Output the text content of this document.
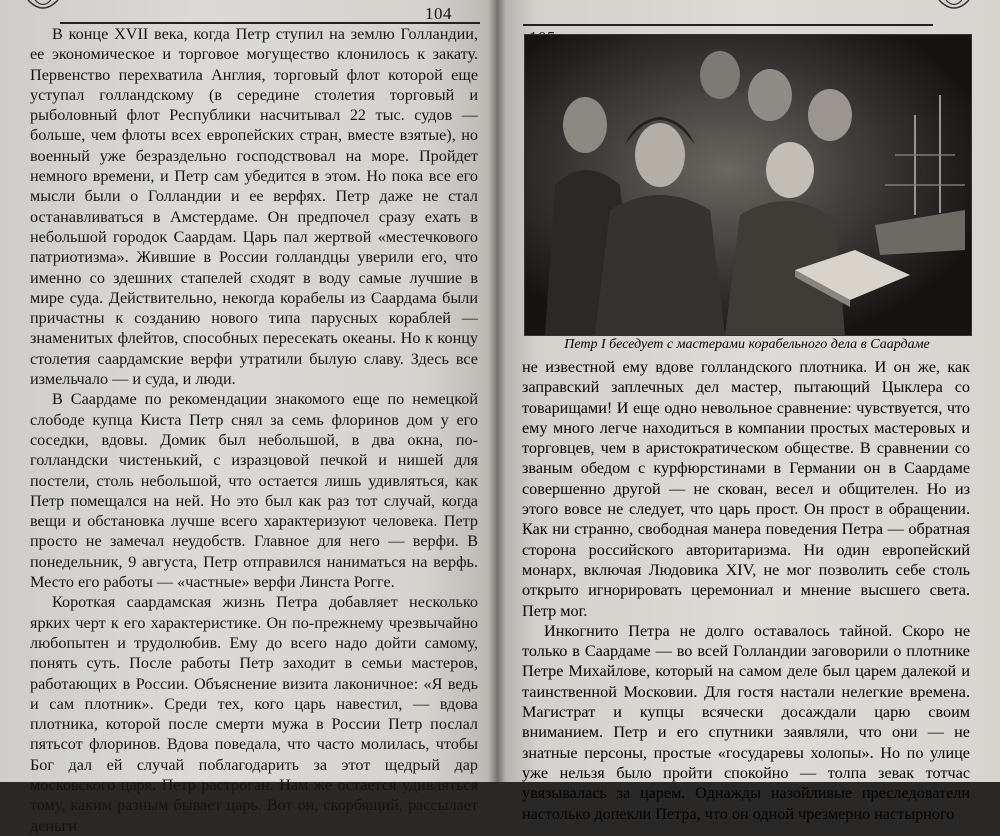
104

В конце XVII века, когда Петр ступил на землю Голландии, ее экономическое и торговое могущество клонилось к закату. Первенство перехватила Англия, торговый флот которой еще уступал голландскому (в середине столетия торговый и рыболовный флот Республики насчитывал 22 тыс. судов — больше, чем флоты всех европейских стран, вместе взятые), но военный уже безраздельно господствовал на море. Пройдет немного времени, и Петр сам убедится в этом. Но пока все его мысли были о Голландии и ее верфях. Петр даже не стал останавливаться в Амстердаме. Он предпочел сразу ехать в небольшой городок Саардам. Царь пал жертвой «местечкового патриотизма». Жившие в России голландцы уверили его, что именно со здешних стапелей сходят в воду самые лучшие в мире суда. Действительно, некогда корабелы из Саардама были причастны к созданию нового типа парусных кораблей — знаменитых флейтов, способных пересекать океаны. Но к концу столетия саардамские верфи утратили былую славу. Здесь все измельчало — и суда, и люди.

В Саардаме по рекомендации знакомого еще по немецкой слободе купца Киста Петр снял за семь флоринов дом у его соседки, вдовы. Домик был небольшой, в два окна, по-голландски чистенький, с изразцовой печкой и нишей для постели, столь небольшой, что остается лишь удивляться, как Петр помещался на ней. Но это был как раз тот случай, когда вещи и обстановка лучше всего характеризуют человека. Петр просто не замечал неудобств. Главное для него — верфи. В понедельник, 9 августа, Петр отправился наниматься на верфь. Место его работы — «частные» верфи Линста Рогге.

Короткая саардамская жизнь Петра добавляет несколько ярких черт к его характеристике. Он по-прежнему чрезвычайно любопытен и трудолюбив. Ему до всего надо дойти самому, понять суть. После работы Петр заходит в семьи мастеров, работающих в России. Объяснение визита лаконичное: «Я ведь и сам плотник». Среди тех, кого царь навестил, — вдова плотника, которой после смерти мужа в России Петр послал пятьсот флоринов. Вдова поведала, что часто молилась, чтобы Бог дал ей случай поблагодарить за этот щедрый дар московского царя. Петр растроган. Нам же остается удивляться тому, каким разным бывает царь. Вот он, скорбящий, рассылает деньги

Петр I беседует с мастерами корабельного дела в Саардаме

не известной ему вдове голландского плотника. И он же, как заправский заплечных дел мастер, пытающий Цыклера со товарищами! И еще одно невольное сравнение: чувствуется, что ему много легче находиться в компании простых мастеровых и торговцев, чем в аристократическом обществе. В сравнении со званым обедом с курфюрстинами в Германии он в Саардаме совершенно другой — не скован, весел и общителен. Но из этого вовсе не следует, что царь прост. Он прост в обращении. Как ни странно, свободная манера поведения Петра — обратная сторона российского авторитаризма. Ни один европейский монарх, включая Людовика XIV, не мог позволить себе столь открыто игнорировать церемониал и мнение высшего света. Петр мог.

Инкогнито Петра не долго оставалось тайной. Скоро не только в Саардаме — во всей Голландии заговорили о плотнике Петре Михайлове, который на самом деле был царем далекой и таинственной Московии. Для гостя настали нелегкие времена. Магистрат и купцы всячески досаждали царю своим вниманием. Петр и его спутники заявляли, что они — не знатные персоны, простые «государевы холопы». Но по улице уже нельзя было пройти спокойно — толпа зевак тотчас увязывалась за царем. Однажды назойливые преследователи настолько допекли Петра, что он одной чрезмерно настырного
